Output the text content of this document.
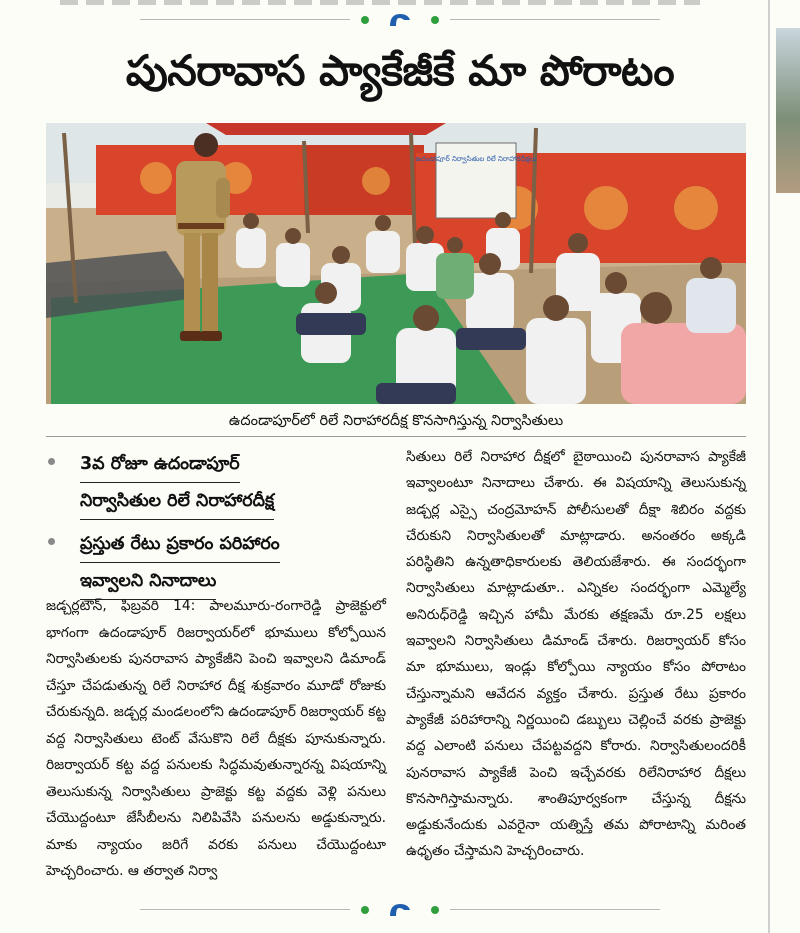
పునరావాస ప్యాకేజీకే మా పోరాటం
ఉదండాపూర్ నిర్వాసితుల రిలే నిరాహారదీక్షలు
ఉదండాపూర్‌లో రిలే నిరాహారదీక్ష కొనసాగిస్తున్న నిర్వాసితులు
3వ రోజూ ఉదండాపూర్
నిర్వాసితుల రిలే నిరాహారదీక్ష
ప్రస్తుత రేటు ప్రకారం పరిహారం
ఇవ్వాలని నినాదాలు

జడ్చర్లటౌన్, ఫిబ్రవరి 14: పాలమూరు-రంగారెడ్డి ప్రాజెక్టులో భాగంగా ఉదండాపూర్ రిజర్వాయర్‌లో భూములు కోల్పోయిన నిర్వాసితులకు పునరావాస ప్యాకేజీని పెంచి ఇవ్వాలని డిమాండ్ చేస్తూ చేపడుతున్న రిలే నిరాహార దీక్ష శుక్రవారం మూడో రోజుకు చేరుకున్నది. జడ్చర్ల మండలంలోని ఉదండాపూర్ రిజర్వాయర్ కట్ట వద్ద నిర్వాసితులు టెంట్ వేసుకొని రిలే దీక్షకు పూనుకున్నారు. రిజర్వాయర్ కట్ట వద్ద పనులకు సిద్ధమవుతున్నారన్న విషయాన్ని తెలుసుకున్న నిర్వాసితులు ప్రాజెక్టు కట్ట వద్దకు వెళ్లి పనులు చేయొద్దంటూ జేసీబీలను నిలిపివేసి పనులను అడ్డుకున్నారు. మాకు న్యాయం జరిగే వరకు పనులు చేయొద్దంటూ హెచ్చరించారు. ఆ తర్వాత నిర్వా

సితులు రిలే నిరాహార దీక్షలో బైఠాయించి పునరావాస ప్యాకేజీ ఇవ్వాలంటూ నినాదాలు చేశారు. ఈ విషయాన్ని తెలుసుకున్న జడ్చర్ల ఎస్సై చంద్రమోహన్ పోలీసులతో దీక్షా శిబిరం వద్దకు చేరుకుని నిర్వాసితులతో మాట్లాడారు. అనంతరం అక్కడి పరిస్థితిని ఉన్నతాధికారులకు తెలియజేశారు. ఈ సందర్భంగా నిర్వాసితులు మాట్లాడుతూ.. ఎన్నికల సందర్భంగా ఎమ్మెల్యే అనిరుధ్‌రెడ్డి ఇచ్చిన హామీ మేరకు తక్షణమే రూ.25 లక్షలు ఇవ్వాలని నిర్వాసితులు డిమాండ్ చేశారు. రిజర్వాయర్ కోసం మా భూములు, ఇండ్లు కోల్పోయి న్యాయం కోసం పోరాటం చేస్తున్నామని ఆవేదన వ్యక్తం చేశారు. ప్రస్తుత రేటు ప్రకారం ప్యాకేజీ పరిహారాన్ని నిర్ణయించి డబ్బులు చెల్లించే వరకు ప్రాజెక్టు వద్ద ఎలాంటి పనులు చేపట్టవద్దని కోరారు. నిర్వాసితులందరికీ పునరావాస ప్యాకేజీ పెంచి ఇచ్చేవరకు రిలేనిరాహార దీక్షలు కొనసాగిస్తామన్నారు. శాంతిపూర్వకంగా చేస్తున్న దీక్షను అడ్డుకునేందుకు ఎవరైనా యత్నిస్తే తమ పోరాటాన్ని మరింత ఉధృతం చేస్తామని హెచ్చరించారు.
